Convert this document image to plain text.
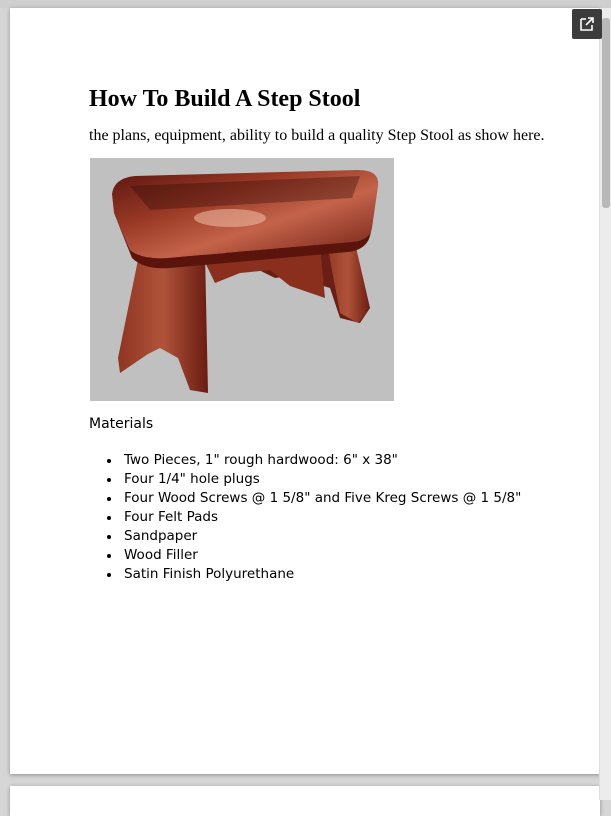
How To Build A Step Stool

the plans, equipment, ability to build a quality Step Stool as show here.

Materials

Two Pieces, 1" rough hardwood: 6" x 38"
Four 1/4" hole plugs
Four Wood Screws @ 1 5/8" and Five Kreg Screws @ 1 5/8"
Four Felt Pads
Sandpaper
Wood Filler
Satin Finish Polyurethane
